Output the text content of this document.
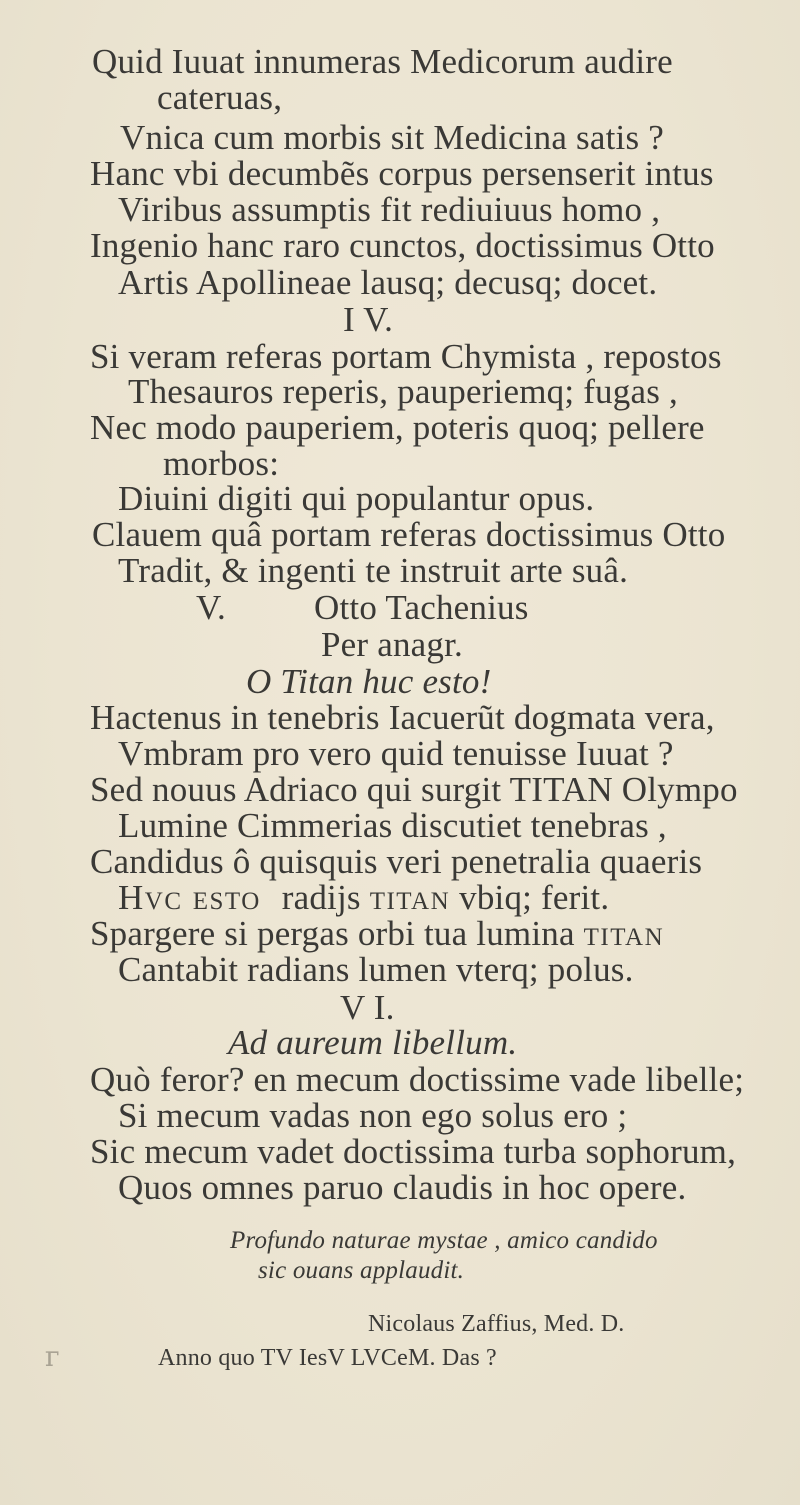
Quid Iuuat innumeras Medicorum audire
cateruas,
Vnica cum morbis sit Medicina satis ?
Hanc vbi decumbẽs corpus persenserit intus
Viribus assumptis fit rediuiuus homo ,
Ingenio hanc raro cunctos, doctissimus Otto
Artis Apollineae lausq; decusq; docet.
I V.
Si veram referas portam Chymista , repostos
Thesauros reperis, pauperiemq; fugas ,
Nec modo pauperiem, poteris quoq; pellere
morbos:
Diuini digiti qui populantur opus.
Clauem quâ portam referas doctissimus Otto
Tradit, & ingenti te instruit arte suâ.
V.	Otto Tachenius
Per anagr.
O Titan huc esto!
Hactenus in tenebris Iacuerũt dogmata vera,
Vmbram pro vero quid tenuisse Iuuat ?
Sed nouus Adriaco qui surgit TITAN Olympo
Lumine Cimmerias discutiet tenebras ,
Candidus ô quisquis veri penetralia quaeris
Hvc esto radijs titan vbiq; ferit.
Spargere si pergas orbi tua lumina titan
Cantabit radians lumen vterq; polus.
V I.
Ad aureum libellum.
Quò feror? en mecum doctissime vade libelle;
Si mecum vadas non ego solus ero ;
Sic mecum vadet doctissima turba sophorum,
Quos omnes paruo claudis in hoc opere.
Profundo naturae mystae , amico candido
sic ouans applaudit.
Nicolaus Zaffius, Med. D.
Anno quo TV IesV LVCeM. Das ?
ᴦ
